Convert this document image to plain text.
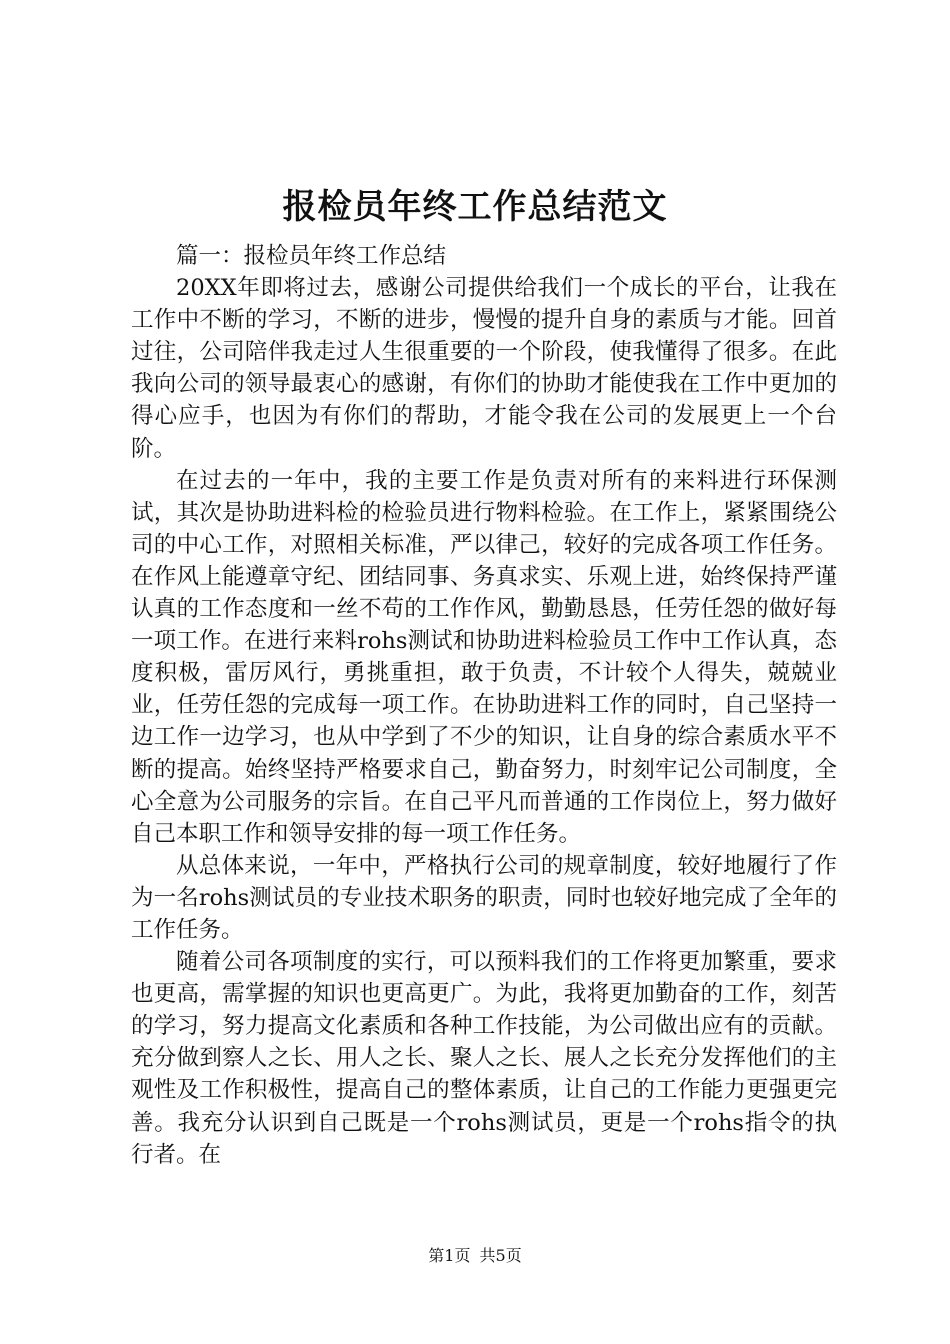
报检员年终工作总结范文

篇一：报检员年终工作总结

20XX年即将过去，感谢公司提供给我们一个成长的平台，让我在工作中不断的学习，不断的进步，慢慢的提升自身的素质与才能。回首过往，公司陪伴我走过人生很重要的一个阶段，使我懂得了很多。在此我向公司的领导最衷心的感谢，有你们的协助才能使我在工作中更加的得心应手，也因为有你们的帮助，才能令我在公司的发展更上一个台阶。

在过去的一年中，我的主要工作是负责对所有的来料进行环保测试，其次是协助进料检的检验员进行物料检验。在工作上，紧紧围绕公司的中心工作，对照相关标准，严以律己，较好的完成各项工作任务。在作风上能遵章守纪、团结同事、务真求实、乐观上进，始终保持严谨认真的工作态度和一丝不苟的工作作风，勤勤恳恳，任劳任怨的做好每一项工作。在进行来料rohs测试和协助进料检验员工作中工作认真，态度积极，雷厉风行，勇挑重担，敢于负责，不计较个人得失，兢兢业业，任劳任怨的完成每一项工作。在协助进料工作的同时，自己坚持一边工作一边学习，也从中学到了不少的知识，让自身的综合素质水平不断的提高。始终坚持严格要求自己，勤奋努力，时刻牢记公司制度，全心全意为公司服务的宗旨。在自己平凡而普通的工作岗位上，努力做好自己本职工作和领导安排的每一项工作任务。

从总体来说，一年中，严格执行公司的规章制度，较好地履行了作为一名rohs测试员的专业技术职务的职责，同时也较好地完成了全年的工作任务。

随着公司各项制度的实行，可以预料我们的工作将更加繁重，要求也更高，需掌握的知识也更高更广。为此，我将更加勤奋的工作，刻苦的学习，努力提高文化素质和各种工作技能，为公司做出应有的贡献。充分做到察人之长、用人之长、聚人之长、展人之长充分发挥他们的主观性及工作积极性，提高自己的整体素质，让自己的工作能力更强更完善。我充分认识到自己既是一个rohs测试员，更是一个rohs指令的执行者。在

第1页 共5页
